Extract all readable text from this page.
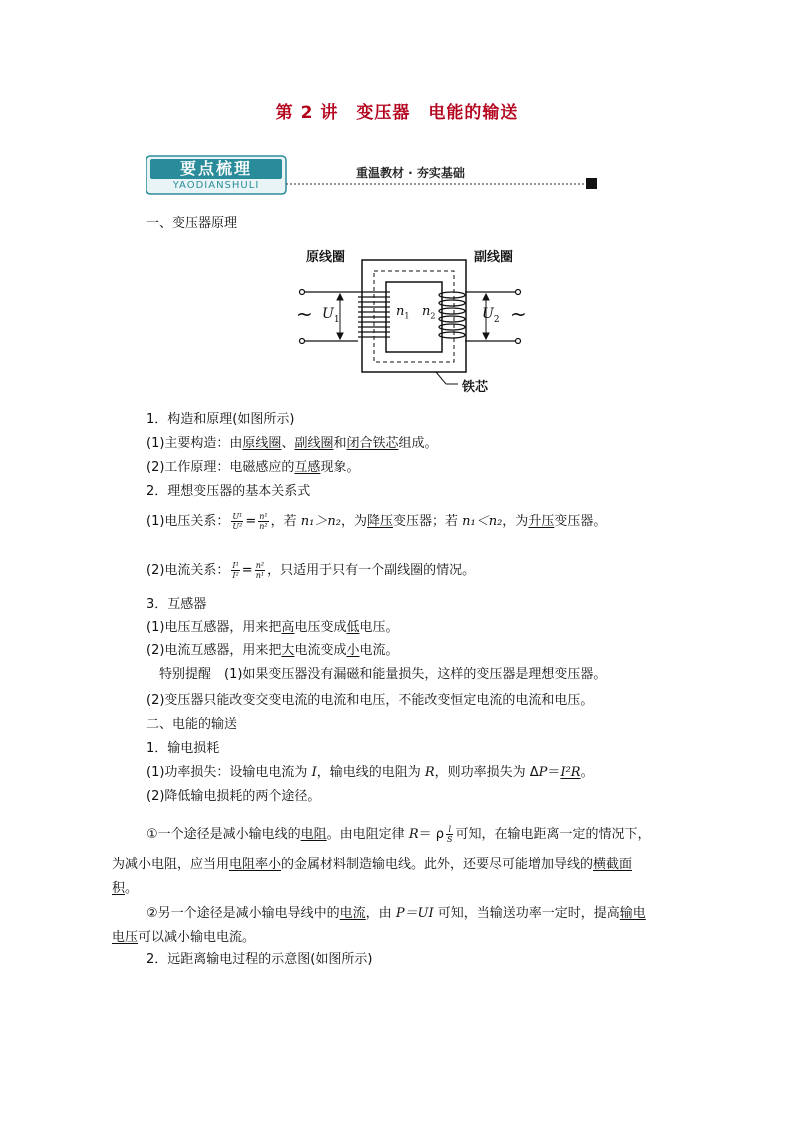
第 2 讲　变压器　电能的输送
要点梳理
YAODIANSHULI
重温教材 · 夯实基础
一、变压器原理
原线圈	副线圈
铁芯
~	~
$U_1$	$U_2$
$n_1$ $n_2$
1．构造和原理(如图所示)
(1)主要构造：由原线圈、副线圈和闭合铁芯组成。
(2)工作原理：电磁感应的互感现象。
2．理想变压器的基本关系式
(1)电压关系： $\frac{\text{U¹}}{\text{U²}} = \frac{\text{n¹}}{\text{n²}}$ ，若 n₁＞n₂，为降压变压器；若 n₁＜n₂，为升压变压器。
(2)电流关系： $\frac{\text{I¹}}{\text{I²}} = \frac{\text{n²}}{\text{n¹}}$ ，只适用于只有一个副线圈的情况。
3．互感器
(1)电压互感器，用来把高电压变成低电压。
(2)电流互感器，用来把大电流变成小电流。
　特别提醒　(1)如果变压器没有漏磁和能量损失，这样的变压器是理想变压器。
(2)变压器只能改变交变电流的电流和电压，不能改变恒定电流的电流和电压。
二、电能的输送
1．输电损耗
(1)功率损失：设输电电流为 I，输电线的电阻为 R，则功率损失为 ΔP＝I²R。
(2)降低输电损耗的两个途径。
①一个途径是减小输电线的电阻。由电阻定律 R＝ ρ $\frac{l}{S}$ 可知，在输电距离一定的情况下，
为减小电阻，应当用电阻率小的金属材料制造输电线。此外，还要尽可能增加导线的横截面
积。
②另一个途径是减小输电导线中的电流，由 P＝UI 可知，当输送功率一定时，提高输电
电压可以减小输电电流。
2．远距离输电过程的示意图(如图所示)
